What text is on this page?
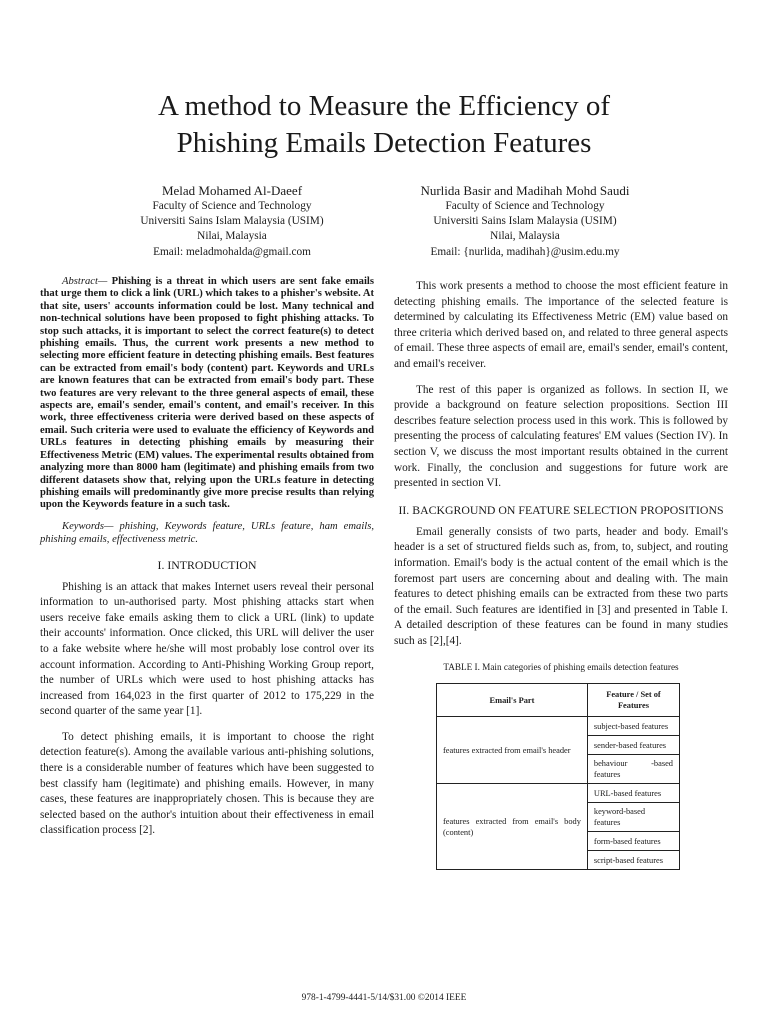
A method to Measure the Efficiency of
Phishing Emails Detection Features
Melad Mohamed Al-Daeef
Faculty of Science and Technology
Universiti Sains Islam Malaysia (USIM)
Nilai, Malaysia
Email: meladmohalda@gmail.com
Nurlida Basir and Madihah Mohd Saudi
Faculty of Science and Technology
Universiti Sains Islam Malaysia (USIM)
Nilai, Malaysia
Email: {nurlida, madihah}@usim.edu.my

Abstract— Phishing is a threat in which users are sent fake emails that urge them to click a link (URL) which takes to a phisher's website. At that site, users' accounts information could be lost. Many technical and non-technical solutions have been proposed to fight phishing attacks. To stop such attacks, it is important to select the correct feature(s) to detect phishing emails. Thus, the current work presents a new method to selecting more efficient feature in detecting phishing emails. Best features can be extracted from email's body (content) part. Keywords and URLs are known features that can be extracted from email's body part. These two features are very relevant to the three general aspects of email, these aspects are, email's sender, email's content, and email's receiver. In this work, three effectiveness criteria were derived based on these aspects of email. Such criteria were used to evaluate the efficiency of Keywords and URLs features in detecting phishing emails by measuring their Effectiveness Metric (EM) values. The experimental results obtained from analyzing more than 8000 ham (legitimate) and phishing emails from two different datasets show that, relying upon the URLs feature in detecting phishing emails will predominantly give more precise results than relying upon the Keywords feature in a such task.

Keywords— phishing, Keywords feature, URLs feature, ham emails, phishing emails, effectiveness metric.

I. INTRODUCTION

Phishing is an attack that makes Internet users reveal their personal information to un-authorised party. Most phishing attacks start when users receive fake emails asking them to click a URL (link) to update their accounts' information. Once clicked, this URL will deliver the user to a fake website where he/she will most probably lose control over its account information. According to Anti-Phishing Working Group report, the number of URLs which were used to host phishing attacks has increased from 164,023 in the first quarter of 2012 to 175,229 in the second quarter of the same year [1].

To detect phishing emails, it is important to choose the right detection feature(s). Among the available various anti-phishing solutions, there is a considerable number of features which have been suggested to best classify ham (legitimate) and phishing emails. However, in many cases, these features are inappropriately chosen. This is because they are selected based on the author's intuition about their effectiveness in email classification process [2].

This work presents a method to choose the most efficient feature in detecting phishing emails. The importance of the selected feature is determined by calculating its Effectiveness Metric (EM) value based on three criteria which derived based on, and related to three general aspects of email. These three aspects of email are, email's sender, email's content, and email's receiver.

The rest of this paper is organized as follows. In section II, we provide a background on feature selection propositions. Section III describes feature selection process used in this work. This is followed by presenting the process of calculating features' EM values (Section IV). In section V, we discuss the most important results obtained in the current work. Finally, the conclusion and suggestions for future work are presented in section VI.

II. BACKGROUND ON FEATURE SELECTION PROPOSITIONS

Email generally consists of two parts, header and body. Email's header is a set of structured fields such as, from, to, subject, and routing information. Email's body is the actual content of the email which is the foremost part users are concerning about and dealing with. The main features to detect phishing emails can be extracted from these two parts of the email. Such features are identified in [3] and presented in Table I. A detailed description of these features can be found in many studies such as [2],[4].

TABLE I. Main categories of phishing emails detection features

Email's Part	Feature / Set of Features
features extracted from email's header	subject-based features
	sender-based features
	behaviour -based features
features extracted from email's body (content)	URL-based features
	keyword-based features
	form-based features
	script-based features
978-1-4799-4441-5/14/$31.00 ©2014 IEEE
